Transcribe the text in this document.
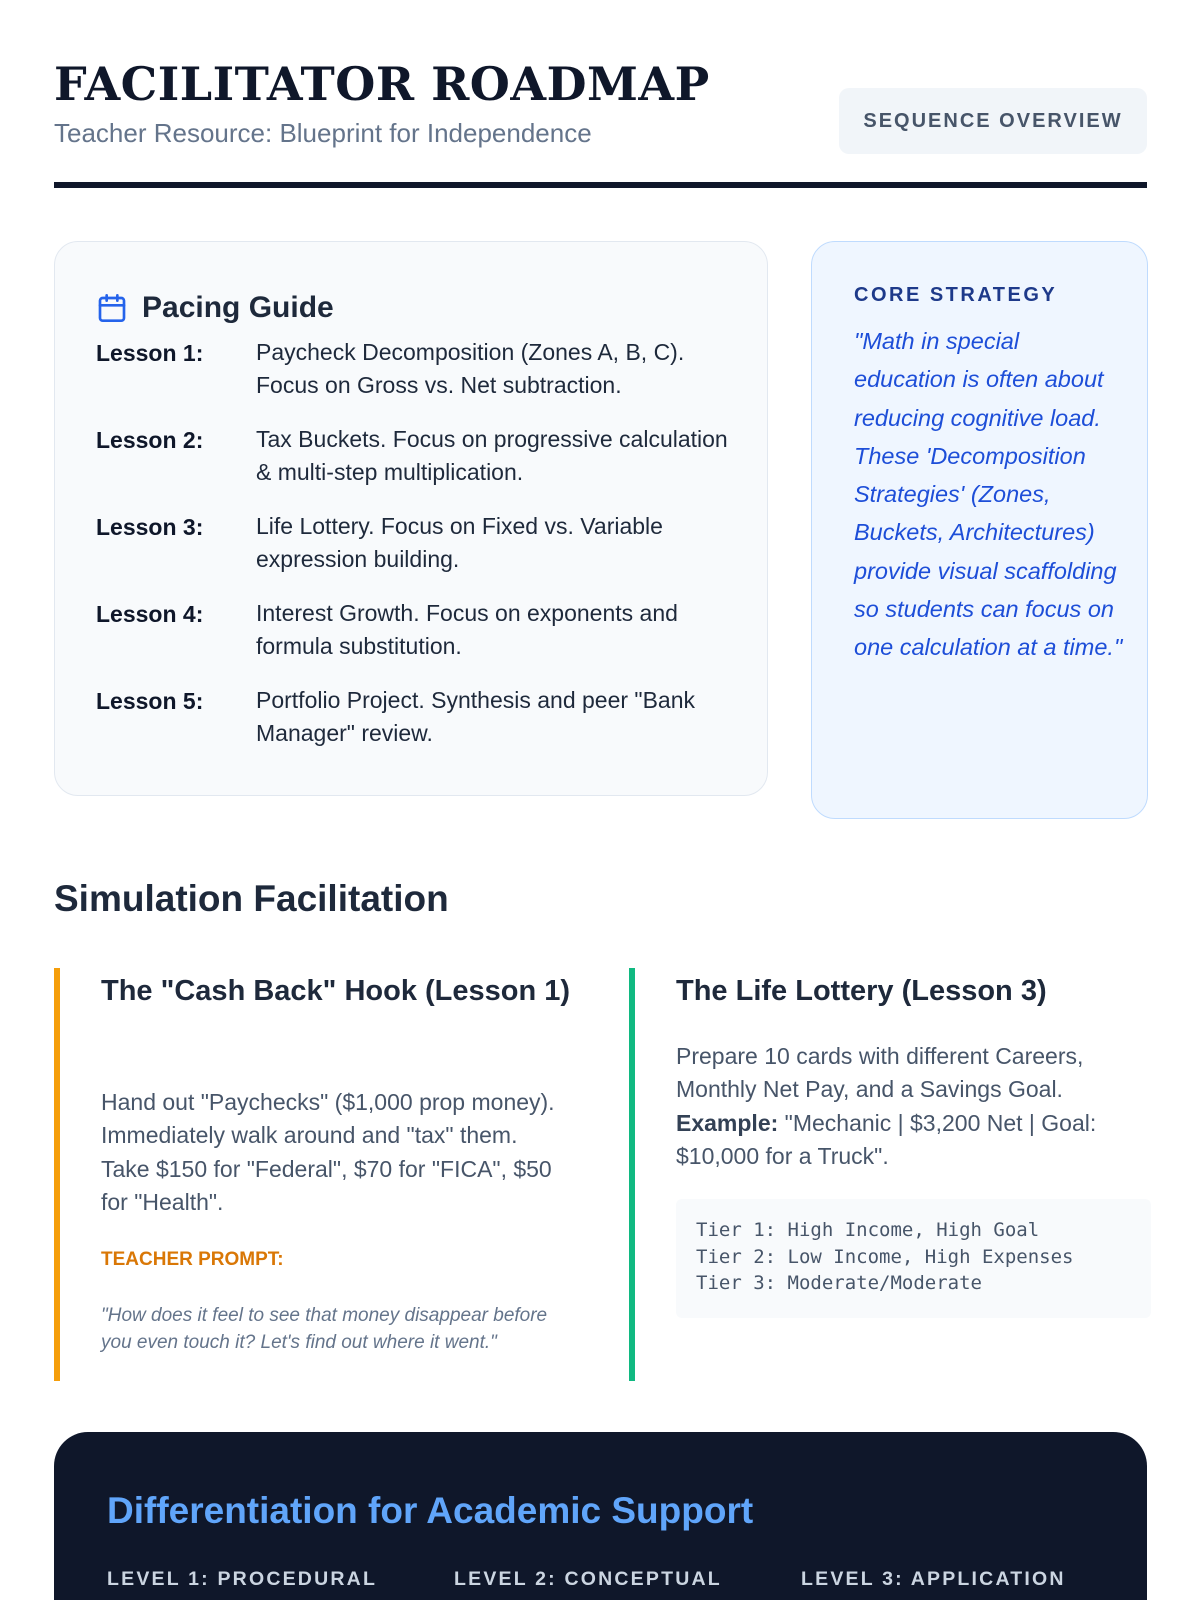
FACILITATOR ROADMAP
Teacher Resource: Blueprint for Independence	SEQUENCE OVERVIEW
Pacing Guide
Lesson 1: Paycheck Decomposition (Zones A, B, C). Focus on Gross vs. Net subtraction.
Lesson 2: Tax Buckets. Focus on progressive calculation & multi-step multiplication.
Lesson 3: Life Lottery. Focus on Fixed vs. Variable expression building.
Lesson 4: Interest Growth. Focus on exponents and formula substitution.
Lesson 5: Portfolio Project. Synthesis and peer "Bank Manager" review.
CORE STRATEGY

"Math in special education is often about reducing cognitive load. These 'Decomposition Strategies' (Zones, Buckets, Architectures) provide visual scaffolding so students can focus on one calculation at a time."

Simulation Facilitation
The "Cash Back" Hook (Lesson 1)

Hand out "Paychecks" ($1,000 prop money). Immediately walk around and "tax" them. Take $150 for "Federal", $70 for "FICA", $50 for "Health".

TEACHER PROMPT:

"How does it feel to see that money disappear before you even touch it? Let's find out where it went."

The Life Lottery (Lesson 3)

Prepare 10 cards with different Careers, Monthly Net Pay, and a Savings Goal.
Example: "Mechanic | $3,200 Net | Goal: $10,000 for a Truck".

Tier 1: High Income, High Goal
Tier 2: Low Income, High Expenses
Tier 3: Moderate/Moderate
Differentiation for Academic Support
LEVEL 1: PROCEDURAL	LEVEL 2: CONCEPTUAL	LEVEL 3: APPLICATION
